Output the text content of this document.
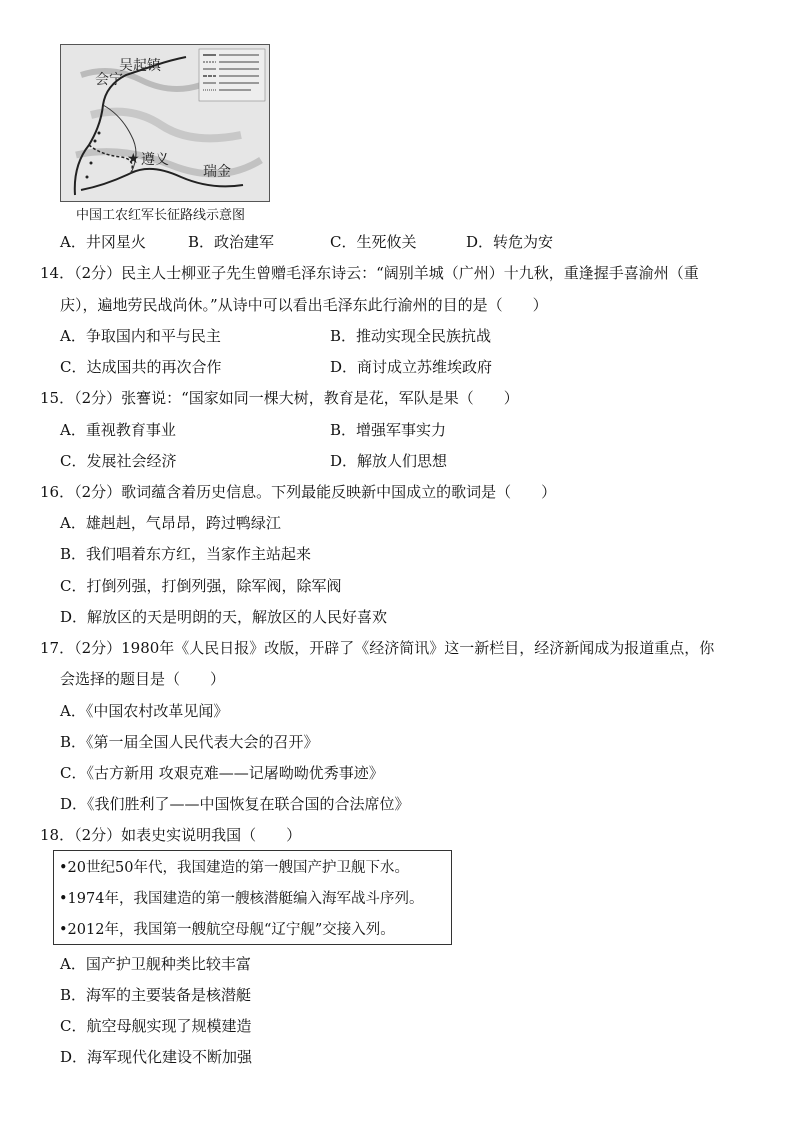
吴起镇
会宁
★ 遵义
瑞金
中国工农红军长征路线示意图
A．井冈星火	B．政治建军	C．生死攸关	D．转危为安
14．（2分）民主人士柳亚子先生曾赠毛泽东诗云：“阔别羊城（广州）十九秋，重逢握手喜渝州（重
庆），遍地劳民战尚休。”从诗中可以看出毛泽东此行渝州的目的是（　　）
A．争取国内和平与民主	B．推动实现全民族抗战
C．达成国共的再次合作	D．商讨成立苏维埃政府
15．（2分）张謇说：“国家如同一棵大树，教育是花，军队是果（　　）
A．重视教育事业	B．增强军事实力
C．发展社会经济	D．解放人们思想
16．（2分）歌词蕴含着历史信息。下列最能反映新中国成立的歌词是（　　）
A．雄赳赳，气昂昂，跨过鸭绿江
B．我们唱着东方红，当家作主站起来
C．打倒列强，打倒列强，除军阀，除军阀
D．解放区的天是明朗的天，解放区的人民好喜欢
17．（2分）1980年《人民日报》改版，开辟了《经济简讯》这一新栏目，经济新闻成为报道重点，你
会选择的题目是（　　）
A．《中国农村改革见闻》
B．《第一届全国人民代表大会的召开》
C．《古方新用 攻艰克难——记屠呦呦优秀事迹》
D．《我们胜利了——中国恢复在联合国的合法席位》
18．（2分）如表史实说明我国（　　）
•20世纪50年代，我国建造的第一艘国产护卫舰下水。
•1974年，我国建造的第一艘核潜艇编入海军战斗序列。
•2012年，我国第一艘航空母舰“辽宁舰”交接入列。
A．国产护卫舰种类比较丰富
B．海军的主要装备是核潜艇
C．航空母舰实现了规模建造
D．海军现代化建设不断加强
